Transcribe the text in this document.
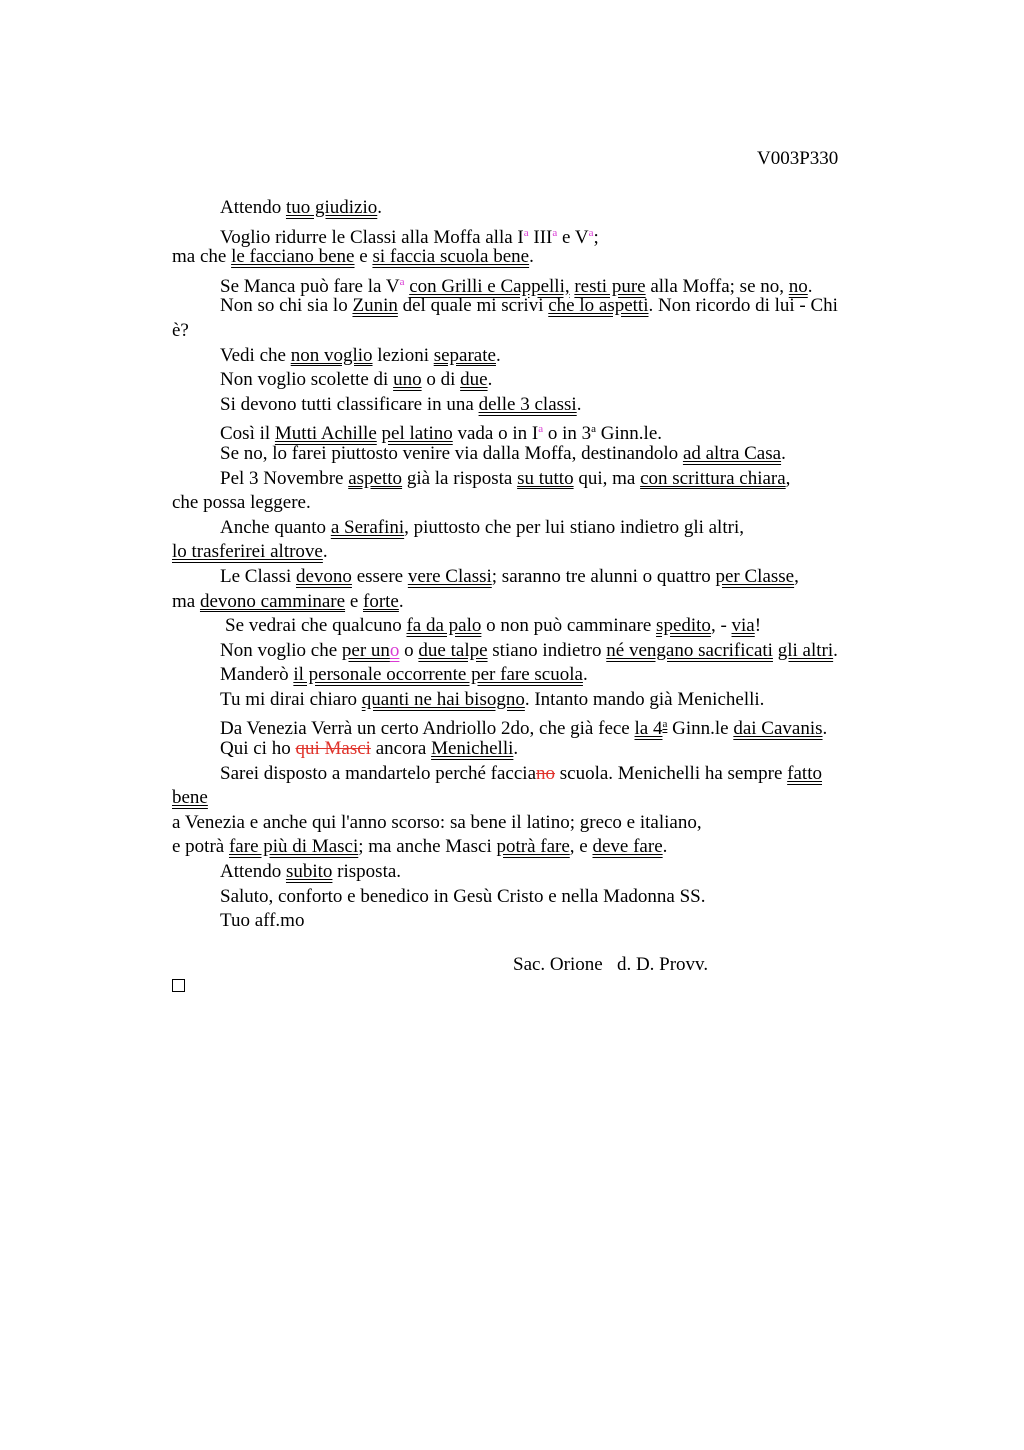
V003P330
Attendo tuo giudizio.
Voglio ridurre le Classi alla Moffa alla $I^a$ III$^a$ e $V^a$;
ma che le facciano bene e si faccia scuola bene.
Se Manca può fare la $V^a$ con Grilli e Cappelli, resti pure alla Moffa; se no, no.
Non so chi sia lo Zunin del quale mi scrivi che lo aspetti. Non ricordo di lui - Chi
è?
Vedi che non voglio lezioni separate.
Non voglio scolette di uno o di due.
Si devono tutti classificare in una delle 3 classi.
Così il Mutti Achille pel latino vada o in $I^a$ o in 3$^a$ Ginn.le.
Se no, lo farei piuttosto venire via dalla Moffa, destinandolo ad altra Casa.
Pel 3 Novembre aspetto già la risposta su tutto qui, ma con scrittura chiara,
che possa leggere.
Anche quanto a Serafini, piuttosto che per lui stiano indietro gli altri,
lo trasferirei altrove.
Le Classi devono essere vere Classi; saranno tre alunni o quattro per Classe,
ma devono camminare e forte.
Se vedrai che qualcuno fa da palo o non può camminare spedito, - via!
Non voglio che per uno o due talpe stiano indietro né vengano sacrificati gli altri.
Manderò il personale occorrente per fare scuola.
Tu mi dirai chiaro quanti ne hai bisogno. Intanto mando già Menichelli.
Da Venezia Verrà un certo Andriollo 2do, che già fece la 4$^a$ Ginn.le dai Cavanis.
Qui ci ho qui Masci ancora Menichelli.
Sarei disposto a mandartelo perché facciano scuola. Menichelli ha sempre fatto
bene
a Venezia e anche qui l'anno scorso: sa bene il latino; greco e italiano,
e potrà fare più di Masci; ma anche Masci potrà fare, e deve fare.
Attendo subito risposta.
Saluto, conforto e benedico in Gesù Cristo e nella Madonna SS.
Tuo aff.mo
Sac. Orione   d. D. Provv.
